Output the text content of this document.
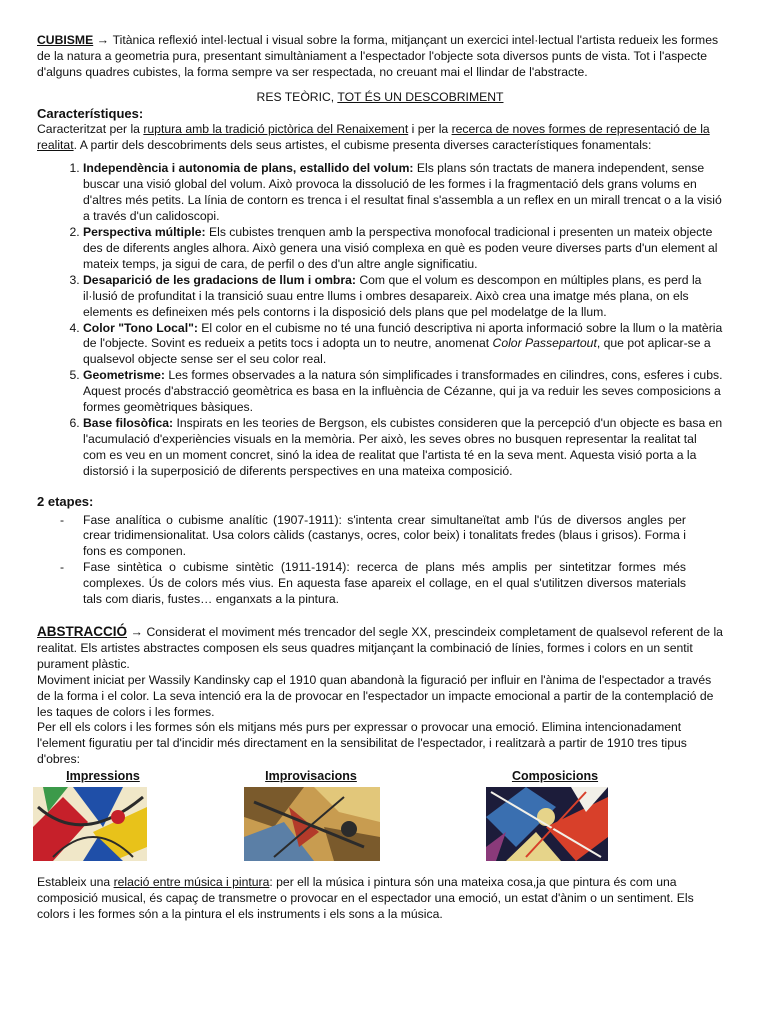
CUBISME → Titànica reflexió intel·lectual i visual sobre la forma, mitjançant un exercici intel·lectual l'artista redueix les formes de la natura a geometria pura, presentant simultàniament a l'espectador l'objecte sota diversos punts de vista. Tot i l'aspecte d'alguns quadres cubistes, la forma sempre va ser respectada, no creuant mai el llindar de l'abstracte.

RES TEÒRIC, TOT ÉS UN DESCOBRIMENT

Característiques:

Caracteritzat per la ruptura amb la tradició pictòrica del Renaixement i per la recerca de noves formes de representació de la realitat. A partir dels descobriments dels seus artistes, el cubisme presenta diverses característiques fonamentals:

1. Independència i autonomia de plans, estallido del volum: Els plans són tractats de manera independent, sense buscar una visió global del volum. Això provoca la dissolució de les formes i la fragmentació dels grans volums en d'altres més petits. La línia de contorn es trenca i el resultat final s'assembla a un reflex en un mirall trencat o a la visió a través d'un calidoscopi.
2. Perspectiva múltiple: Els cubistes trenquen amb la perspectiva monofocal tradicional i presenten un mateix objecte des de diferents angles alhora. Això genera una visió complexa en què es poden veure diverses parts d'un element al mateix temps, ja sigui de cara, de perfil o des d'un altre angle significatiu.
3. Desaparició de les gradacions de llum i ombra: Com que el volum es descompon en múltiples plans, es perd la il·lusió de profunditat i la transició suau entre llums i ombres desapareix. Això crea una imatge més plana, on els elements es defineixen més pels contorns i la disposició dels plans que pel modelatge de la llum.
4. Color "Tono Local": El color en el cubisme no té una funció descriptiva ni aporta informació sobre la llum o la matèria de l'objecte. Sovint es redueix a petits tocs i adopta un to neutre, anomenat Color Passepartout, que pot aplicar-se a qualsevol objecte sense ser el seu color real.
5. Geometrisme: Les formes observades a la natura són simplificades i transformades en cilindres, cons, esferes i cubs. Aquest procés d'abstracció geomètrica es basa en la influència de Cézanne, qui ja va reduir les seves composicions a formes geomètriques bàsiques.
6. Base filosòfica: Inspirats en les teories de Bergson, els cubistes consideren que la percepció d'un objecte es basa en l'acumulació d'experiències visuals en la memòria. Per això, les seves obres no busquen representar la realitat tal com es veu en un moment concret, sinó la idea de realitat que l'artista té en la seva ment. Aquesta visió porta a la distorsió i la superposició de diferents perspectives en una mateixa composició.
2 etapes:
- Fase analítica o cubisme analític (1907-1911): s'intenta crear simultaneïtat amb l'ús de diversos angles per crear tridimensionalitat. Usa colors càlids (castanys, ocres, color beix) i tonalitats fredes (blaus i grisos). Forma i fons es componen.
- Fase sintètica o cubisme sintètic (1911-1914): recerca de plans més amplis per sintetitzar formes més complexes. Ús de colors més vius. En aquesta fase apareix el collage, en el qual s'utilitzen diversos materials tals com diaris, fustes… enganxats a la pintura.

ABSTRACCIÓ → Considerat el moviment més trencador del segle XX, prescindeix completament de qualsevol referent de la realitat. Els artistes abstractes composen els seus quadres mitjançant la combinació de línies, formes i colors en un sentit purament plàstic.

Moviment iniciat per Wassily Kandinsky cap el 1910 quan abandonà la figuració per influir en l'ànima de l'espectador a través de la forma i el color. La seva intenció era la de provocar en l'espectador un impacte emocional a partir de la contemplació de les taques de colors i les formes.

Per ell els colors i les formes són els mitjans més purs per expressar o provocar una emoció. Elimina intencionadament l'element figuratiu per tal d'incidir més directament en la sensibilitat de l'espectador, i realitzarà a partir de 1910 tres tipus d'obres:

Impressions	Improvisacions	Composicions

Estableix una relació entre música i pintura: per ell la música i pintura són una mateixa cosa,ja que pintura és com una composició musical, és capaç de transmetre o provocar en el espectador una emoció, un estat d'ànim o un sentiment. Els colors i les formes són a la pintura el els instruments i els sons a la música.
